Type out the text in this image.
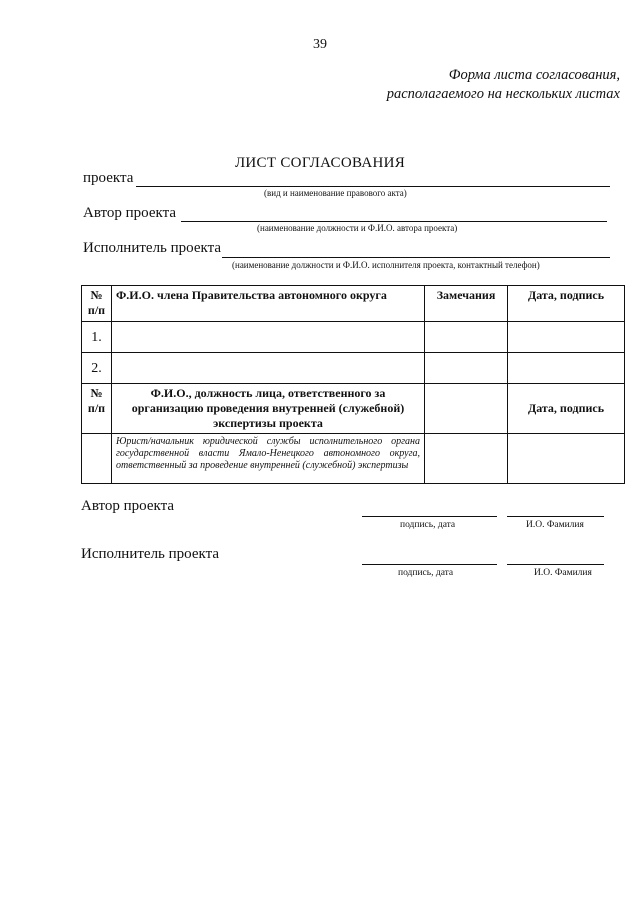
39
Форма листа согласования,
располагаемого на нескольких листах
ЛИСТ СОГЛАСОВАНИЯ
проекта
(вид и наименование правового акта)
Автор проекта
(наименование должности и Ф.И.О. автора проекта)
Исполнитель проекта
(наименование должности и Ф.И.О. исполнителя проекта, контактный телефон)
№ п/п	Ф.И.О. члена Правительства автономного округа	Замечания	Дата, подпись
1.			
2.			
№ п/п	Ф.И.О., должность лица, ответственного за организацию проведения внутренней (служебной) экспертизы проекта		Дата, подпись
	Юрист/начальник юридической службы исполнительного органа государственной власти Ямало-Ненецкого автономного округа, ответственный за проведение внутренней (служебной) экспертизы		
Автор проекта
подпись, дата	И.О. Фамилия
Исполнитель проекта
подпись, дата	И.О. Фамилия
